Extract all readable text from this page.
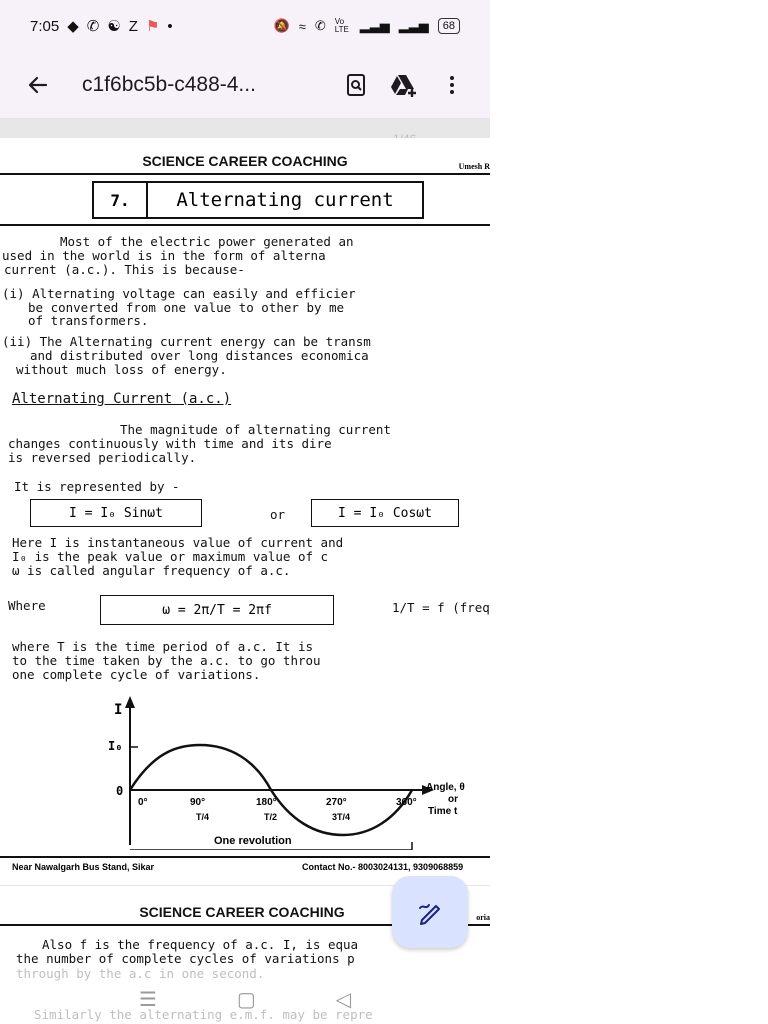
7:05 ◆ ✆ ☯ Z ⚑ •	🔕 ≈ ✆ Vo LTE ▂▃▅ ▂▃▅	68
c1f6bc5b-c488-4...
SCIENCE CAREER COACHING	Umesh R
7.	Alternating current
Most of the electric power generated an
used in the world is in the form of alterna
current (a.c.). This is because-
(i) Alternating voltage can easily and efficier
be converted from one value to other by me
of transformers.
(ii) The Alternating current energy can be transm
and distributed over long distances economica
without much loss of energy.
Alternating Current (a.c.)
The magnitude of alternating current
changes continuously with time and its dire
is reversed periodically.
It is represented by -
I = I₀ Sinωt	or	I = I₀ Cosωt
Here I is instantaneous value of current and
I₀ is the peak value or maximum value of c
ω is called angular frequency of a.c.
Where	ω = 2π/T = 2πf	1/T = f (freq
where T is the time period of a.c. It is
to the time taken by the a.c. to go throu
one complete cycle of variations.
I
I₀
0
0°	90°	180°	270°	360°
T/4	T/2	3T/4
Angle, θ
or
Time t
One revolution
Near Nawalgarh Bus Stand, Sikar	Contact No.- 8003024131, 9309068859
SCIENCE CAREER COACHING	oria
Also f is the frequency of a.c. I, is equa
the number of complete cycles of variations p
through by the a.c in one second.
Similarly the alternating e.m.f. may be repre
☰	▢	◁
